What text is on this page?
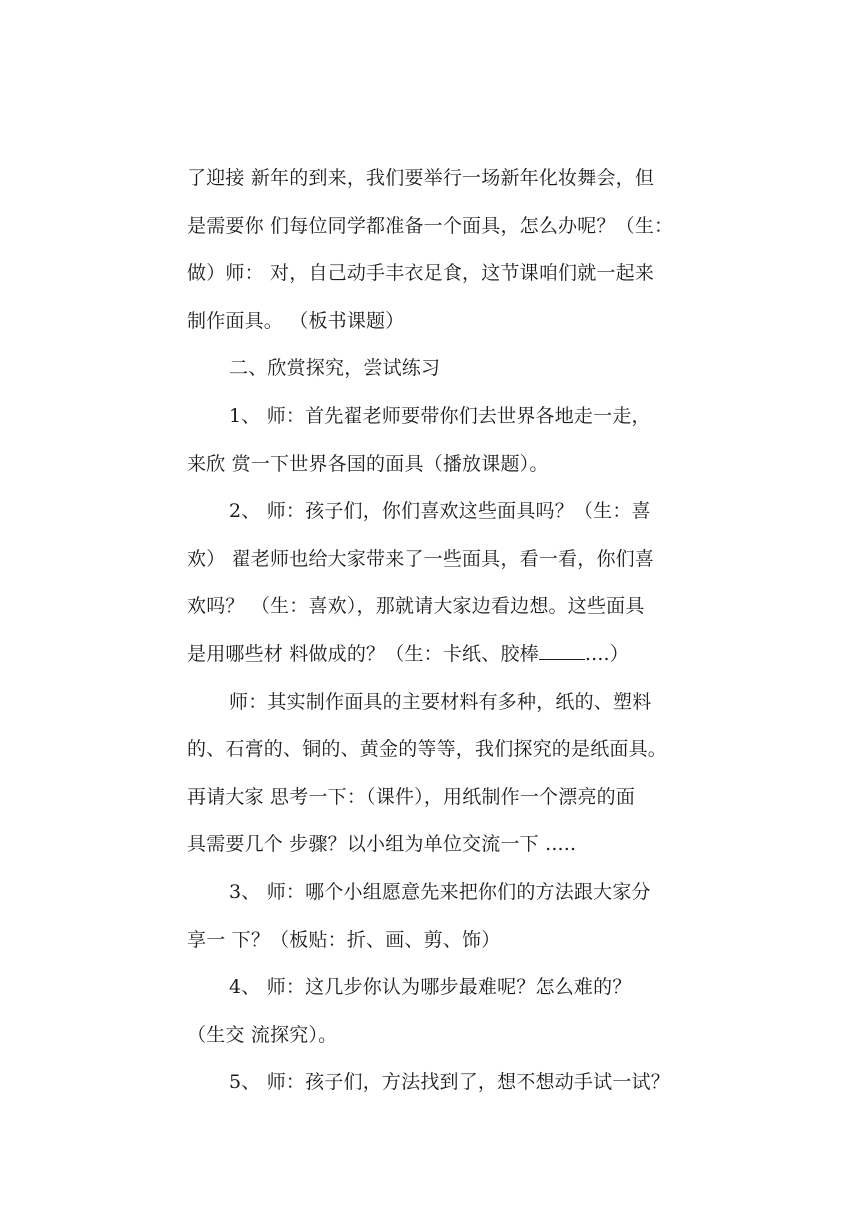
了迎接 新年的到来，我们要举行一场新年化妆舞会，但
是需要你 们每位同学都准备一个面具，怎么办呢？（生：
做）师： 对，自己动手丰衣足食，这节课咱们就一起来
制作面具。 （板书课题）
二、欣赏探究，尝试练习
1、 师：首先翟老师要带你们去世界各地走一走，
来欣 赏一下世界各国的面具（播放课题）。
2、 师：孩子们，你们喜欢这些面具吗？（生：喜
欢） 翟老师也给大家带来了一些面具，看一看，你们喜
欢吗？ （生：喜欢），那就请大家边看边想。这些面具
是用哪些材 料做成的？（生：卡纸、胶棒 ....）
师：其实制作面具的主要材料有多种，纸的、塑料
的、石膏的、铜的、黄金的等等，我们探究的是纸面具。
再请大家 思考一下：（课件），用纸制作一个漂亮的面
具需要几个 步骤？以小组为单位交流一下 .....
3、 师：哪个小组愿意先来把你们的方法跟大家分
享一 下？（板贴：折、画、剪、饰）
4、 师：这几步你认为哪步最难呢？怎么难的？
（生交 流探究）。
5、 师：孩子们，方法找到了，想不想动手试一试？
